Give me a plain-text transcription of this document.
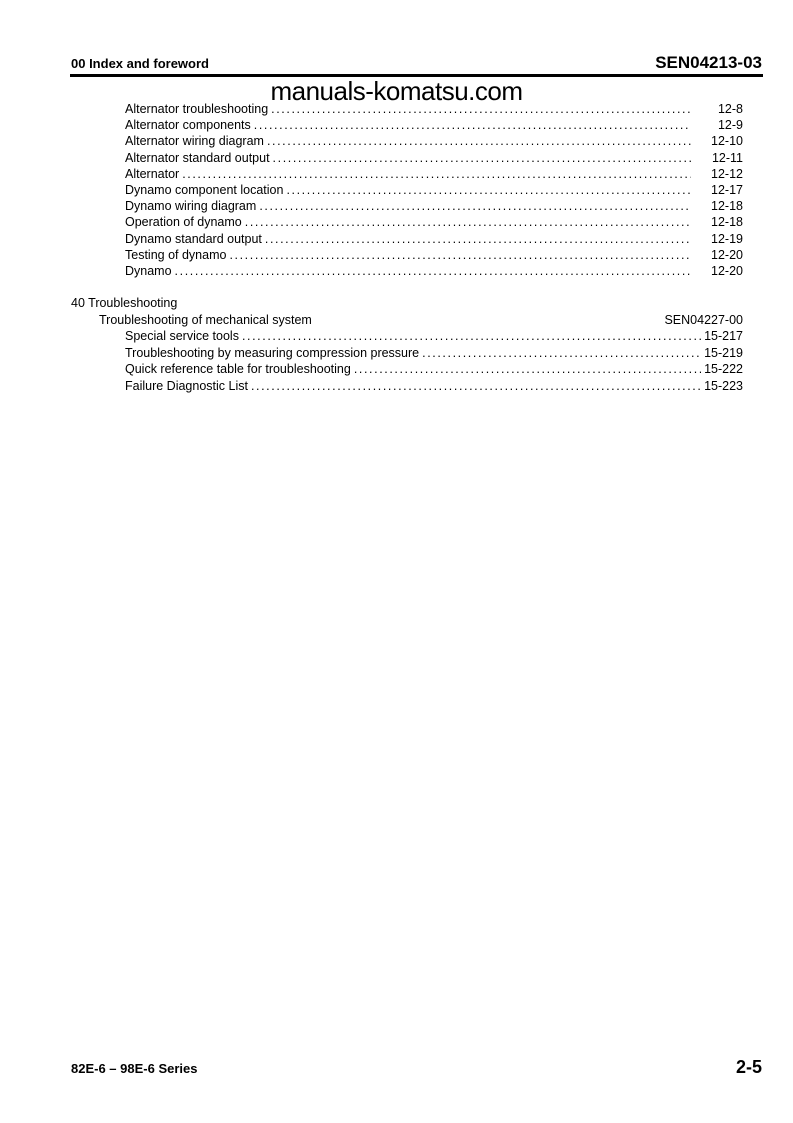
00 Index and foreword	SEN04213-03
manuals-komatsu.com
Alternator troubleshooting .....	12-8
Alternator components .....	12-9
Alternator wiring diagram .....	12-10
Alternator standard output .....	12-11
Alternator .....	12-12
Dynamo component location .....	12-17
Dynamo wiring diagram .....	12-18
Operation of dynamo .....	12-18
Dynamo standard output .....	12-19
Testing of dynamo .....	12-20
Dynamo .....	12-20
40 Troubleshooting
Troubleshooting of mechanical system	SEN04227-00
Special service tools .....	15-217
Troubleshooting by measuring compression pressure .....	15-219
Quick reference table for troubleshooting .....	15-222
Failure Diagnostic List .....	15-223
82E-6 – 98E-6 Series	2-5
